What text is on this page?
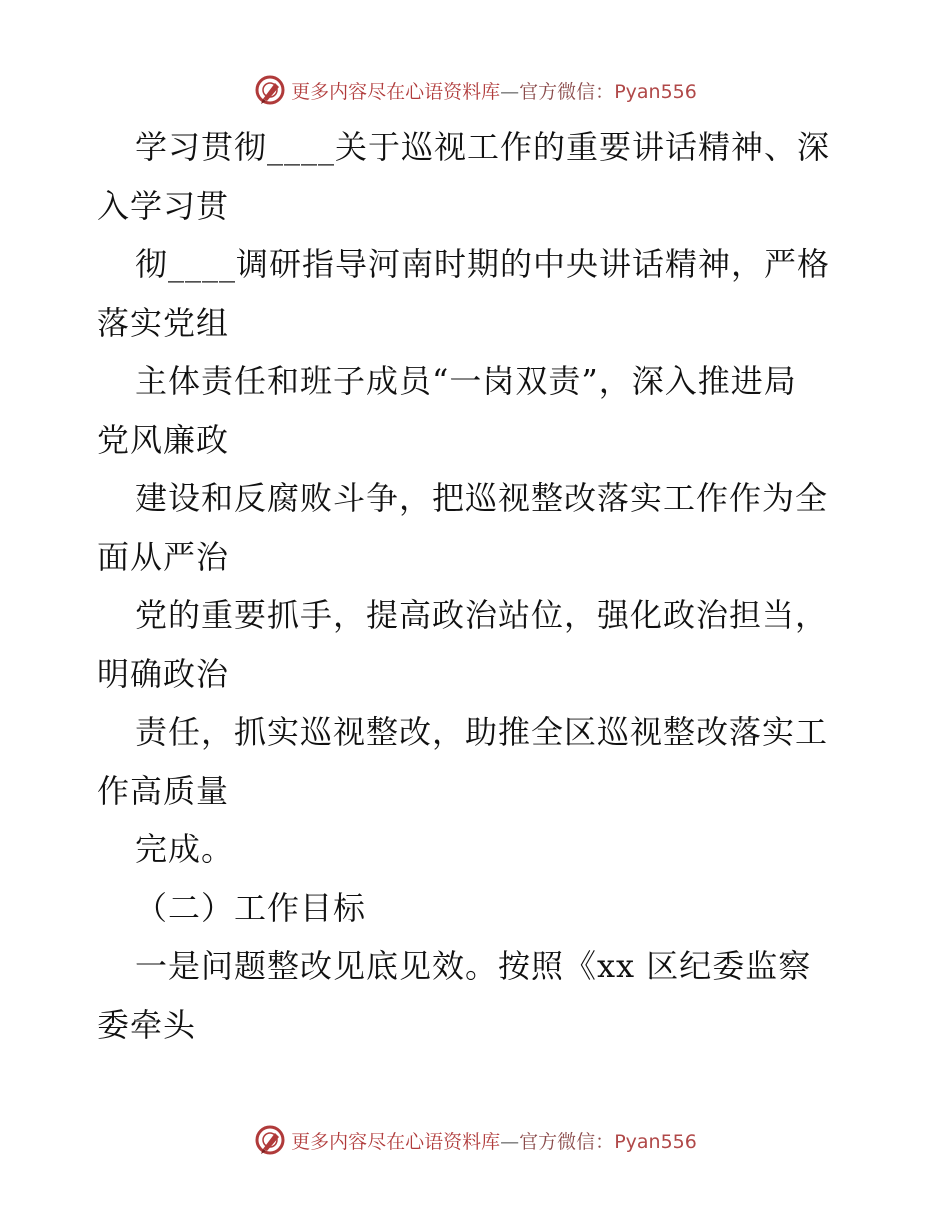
更多内容尽在心语资料库—官方微信：Pyan556
学习贯彻____关于巡视工作的重要讲话精神、深
入学习贯
彻____调研指导河南时期的中央讲话精神，严格
落实党组
主体责任和班子成员“一岗双责”，深入推进局
党风廉政
建设和反腐败斗争，把巡视整改落实工作作为全
面从严治
党的重要抓手，提高政治站位，强化政治担当，
明确政治
责任，抓实巡视整改，助推全区巡视整改落实工
作高质量
完成。
（二）工作目标
一是问题整改见底见效。按照《xx 区纪委监察
委牵头
更多内容尽在心语资料库—官方微信：Pyan556
